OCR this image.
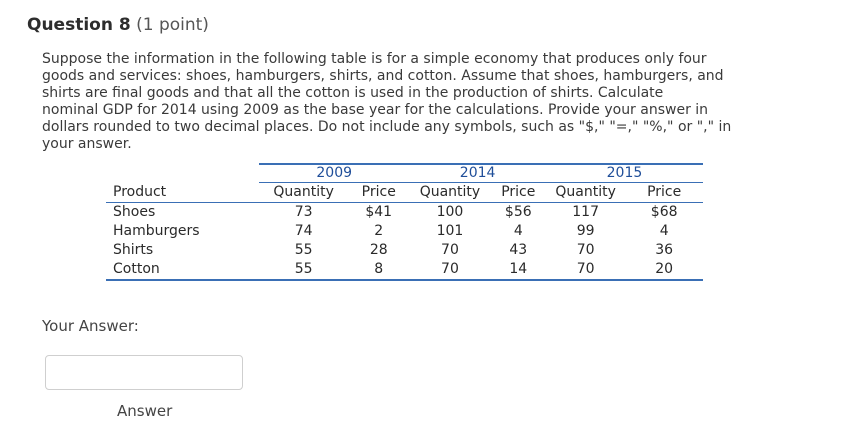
Question 8 (1 point)

Suppose the information in the following table is for a simple economy that produces only four

goods and services: shoes, hamburgers, shirts, and cotton. Assume that shoes, hamburgers, and

shirts are final goods and that all the cotton is used in the production of shirts. Calculate

nominal GDP for 2014 using 2009 as the base year for the calculations. Provide your answer in

dollars rounded to two decimal places. Do not include any symbols, such as "$," "=," "%," or "," in

your answer.

	2009		2014		2015	
Product	Quantity	Price	Quantity	Price	Quantity	Price
Shoes	73	$41	100	$56	117	$68
Hamburgers	74	2	101	4	99	4
Shirts	55	28	70	43	70	36
Cotton	55	8	70	14	70	20
Your Answer:
Answer
